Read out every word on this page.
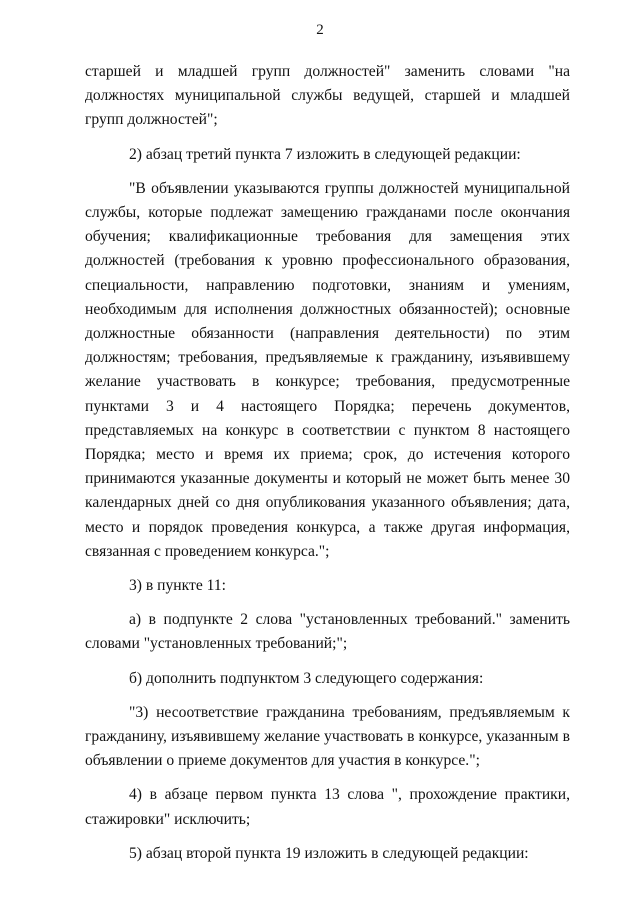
2

старшей и младшей групп должностей" заменить словами "на должностях муниципальной службы ведущей, старшей и младшей групп должностей";

2) абзац третий пункта 7 изложить в следующей редакции:

"В объявлении указываются группы должностей муниципальной службы, которые подлежат замещению гражданами после окончания обучения; квалификационные требования для замещения этих должностей (требования к уровню профессионального образования, специальности, направлению подготовки, знаниям и умениям, необходимым для исполнения должностных обязанностей); основные должностные обязанности (направления деятельности) по этим должностям; требования, предъявляемые к гражданину, изъявившему желание участвовать в конкурсе; требования, предусмотренные пунктами 3 и 4 настоящего Порядка; перечень документов, представляемых на конкурс в соответствии с пунктом 8 настоящего Порядка; место и время их приема; срок, до истечения которого принимаются указанные документы и который не может быть менее 30 календарных дней со дня опубликования указанного объявления; дата, место и порядок проведения конкурса, а также другая информация, связанная с проведением конкурса.";

3) в пункте 11:

а) в подпункте 2 слова "установленных требований." заменить словами "установленных требований;";

б) дополнить подпунктом 3 следующего содержания:

"3) несоответствие гражданина требованиям, предъявляемым к гражданину, изъявившему желание участвовать в конкурсе, указанным в объявлении о приеме документов для участия в конкурсе.";

4) в абзаце первом пункта 13 слова ", прохождение практики, стажировки" исключить;

5) абзац второй пункта 19 изложить в следующей редакции:
